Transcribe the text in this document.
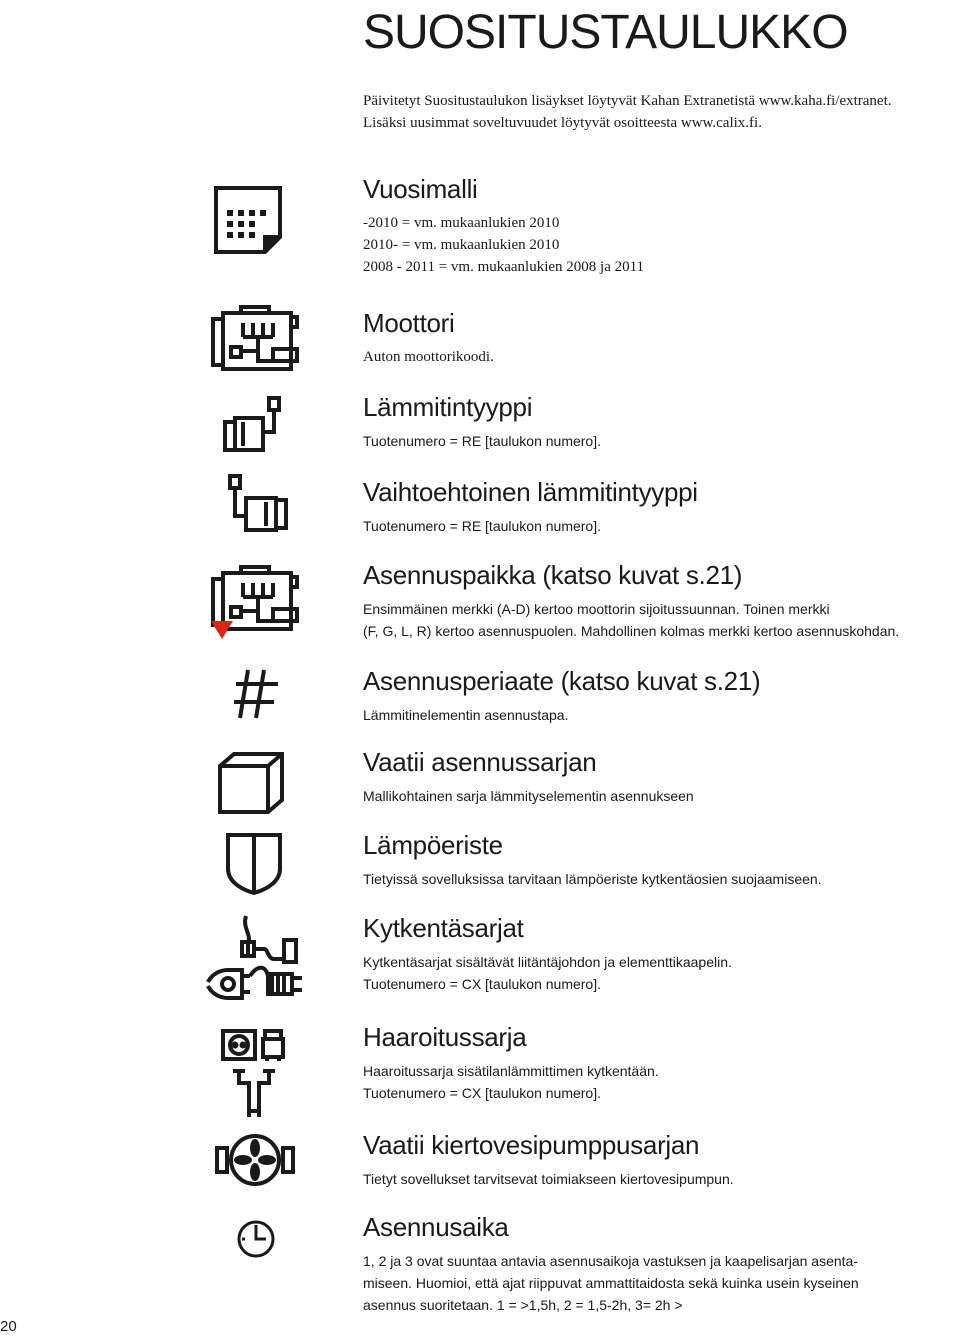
SUOSITUSTAULUKKO
Päivitetyt Suositustaulukon lisäykset löytyvät Kahan Extranetistä www.kaha.fi/extranet.
Lisäksi uusimmat soveltuvuudet löytyvät osoitteesta www.calix.fi.
Vuosimalli
-2010 = vm. mukaanlukien 2010
2010- = vm. mukaanlukien 2010
2008 - 2011 = vm. mukaanlukien 2008 ja 2011
Moottori
Auton moottorikoodi.
Lämmitintyyppi
Tuotenumero = RE [taulukon numero].
Vaihtoehtoinen lämmitintyyppi
Tuotenumero = RE [taulukon numero].
Asennuspaikka (katso kuvat s.21)
Ensimmäinen merkki (A-D) kertoo moottorin sijoitussuunnan. Toinen merkki
(F, G, L, R) kertoo asennuspuolen. Mahdollinen kolmas merkki kertoo asennuskohdan.
Asennusperiaate (katso kuvat s.21)
Lämmitinelementin asennustapa.
Vaatii asennussarjan
Mallikohtainen sarja lämmityselementin asennukseen
Lämpöeriste
Tietyissä sovelluksissa tarvitaan lämpöeriste kytkentäosien suojaamiseen.
Kytkentäsarjat
Kytkentäsarjat sisältävät liitäntäjohdon ja elementtikaapelin.
Tuotenumero = CX [taulukon numero].
Haaroitussarja
Haaroitussarja sisätilanlämmittimen kytkentään.
Tuotenumero = CX [taulukon numero].
Vaatii kiertovesipumppusarjan
Tietyt sovellukset tarvitsevat toimiakseen kiertovesipumpun.
Asennusaika
1, 2 ja 3 ovat suuntaa antavia asennusaikoja vastuksen ja kaapelisarjan asenta-
miseen. Huomioi, että ajat riippuvat ammattitaidosta sekä kuinka usein kyseinen
asennus suoritetaan. 1 = >1,5h, 2 = 1,5-2h, 3= 2h >
20
